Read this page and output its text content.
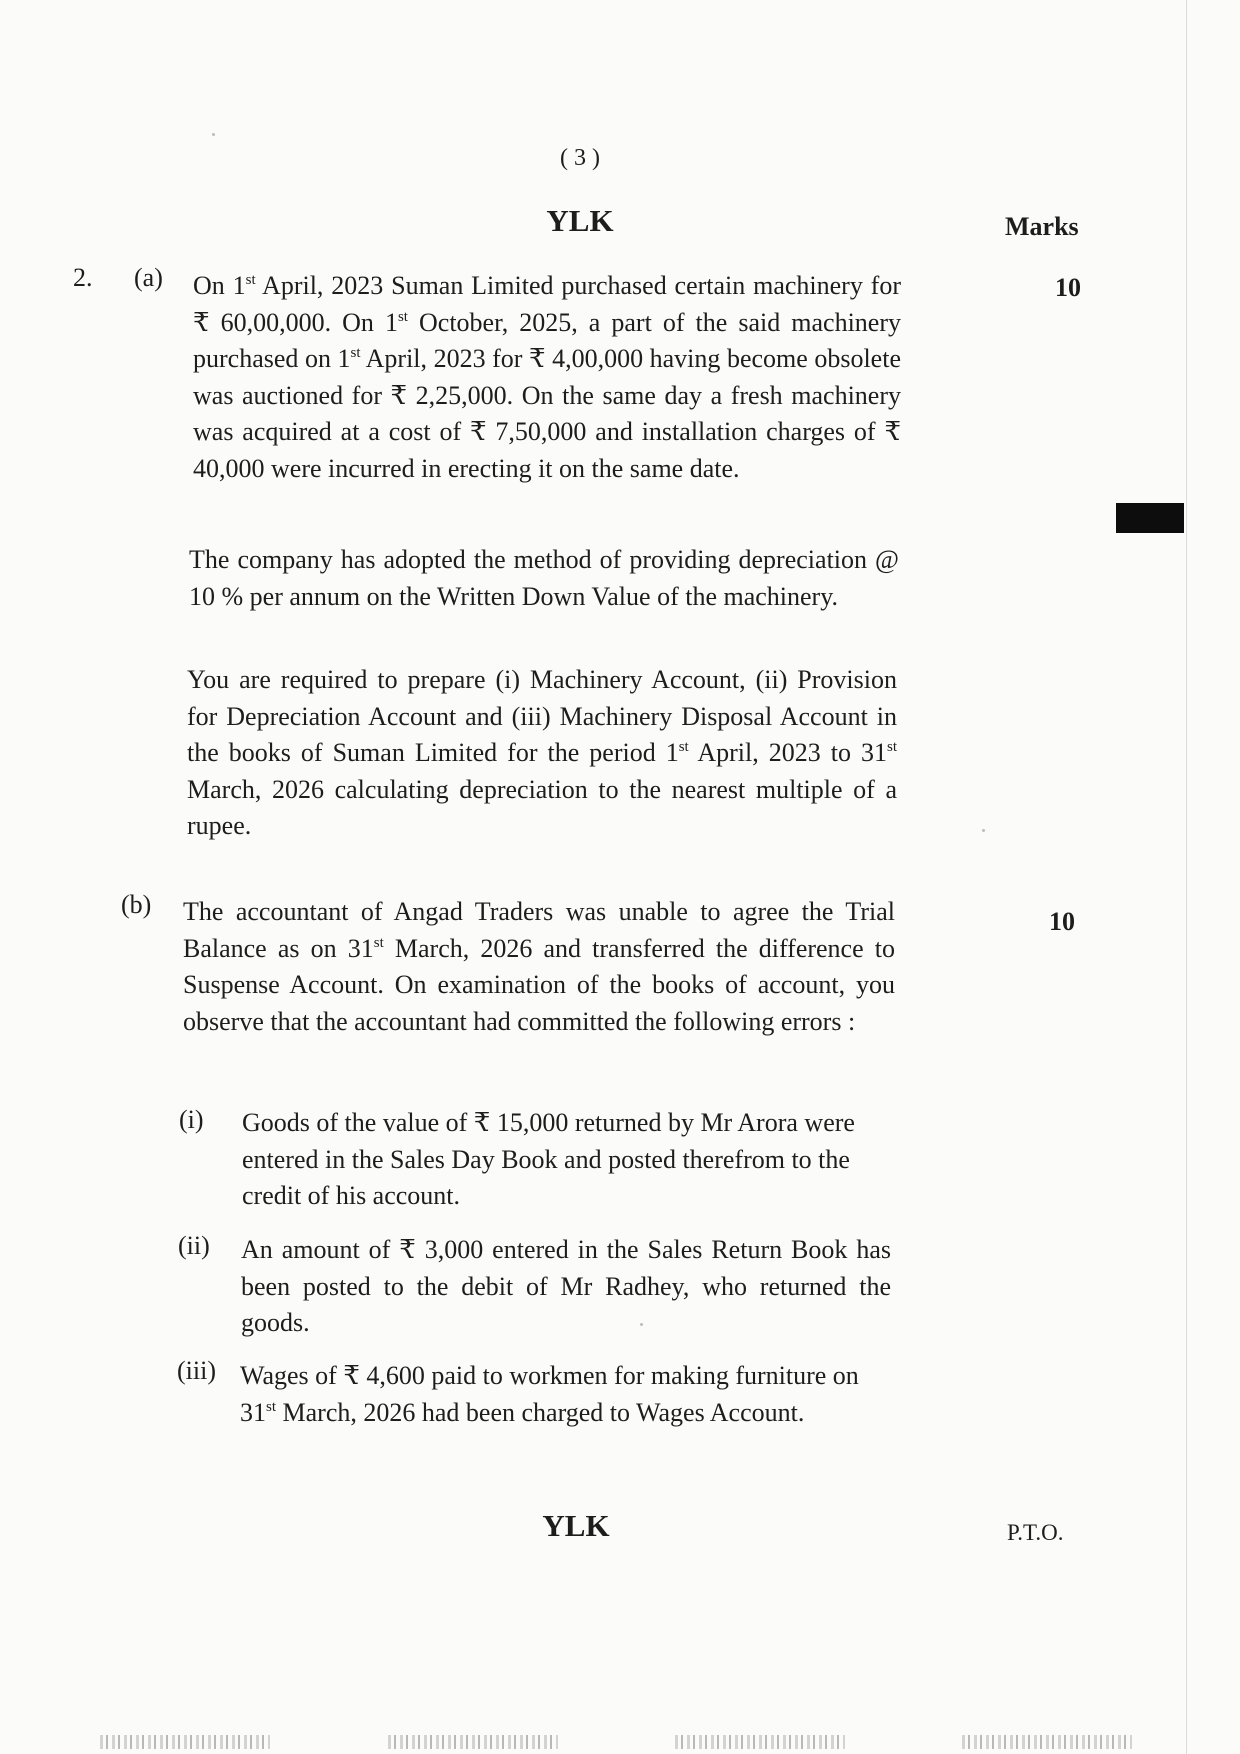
( 3 )
YLK	Marks
2. (a)	10
On 1st April, 2023 Suman Limited purchased certain machinery for ₹ 60,00,000. On 1st October, 2025, a part of the said machinery purchased on 1st April, 2023 for ₹ 4,00,000 having become obsolete was auctioned for ₹ 2,25,000. On the same day a fresh machinery was acquired at a cost of ₹ 7,50,000 and installation charges of ₹ 40,000 were incurred in erecting it on the same date.
The company has adopted the method of providing depreciation @ 10 % per annum on the Written Down Value of the machinery.
You are required to prepare (i) Machinery Account, (ii) Provision for Depreciation Account and (iii) Machinery Disposal Account in the books of Suman Limited for the period 1st April, 2023 to 31st March, 2026 calculating depreciation to the nearest multiple of a rupee.
(b)
10
The accountant of Angad Traders was unable to agree the Trial Balance as on 31st March, 2026 and transferred the difference to Suspense Account. On examination of the books of account, you observe that the accountant had committed the following errors :
(i) Goods of the value of ₹ 15,000 returned by Mr Arora were entered in the Sales Day Book and posted therefrom to the credit of his account.
(ii) An amount of ₹ 3,000 entered in the Sales Return Book has been posted to the debit of Mr Radhey, who returned the goods.
(iii) Wages of ₹ 4,600 paid to workmen for making furniture on 31st March, 2026 had been charged to Wages Account.
YLK	P.T.O.
